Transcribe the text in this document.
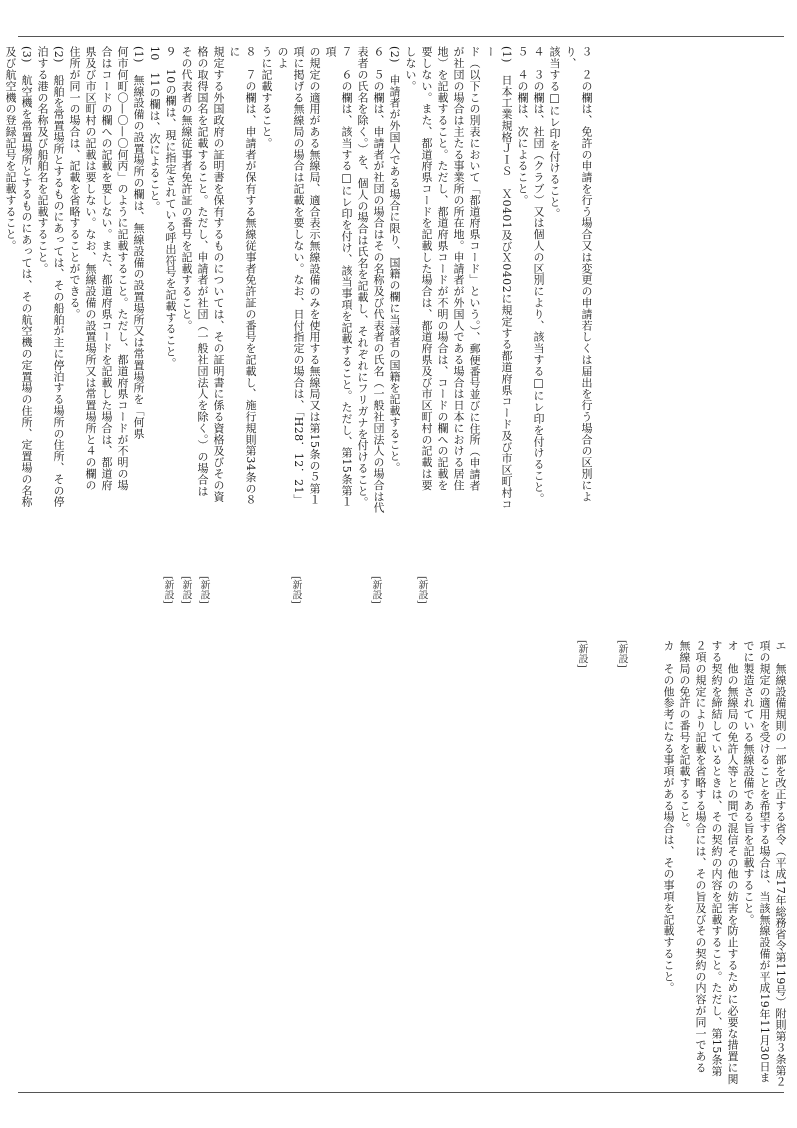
３　２の欄は、免許の申請を行う場合又は変更の申請若しくは届出を行う場合の区別により、
該当する□にレ印を付けること。
４　３の欄は、社団（クラブ）又は個人の区別により、該当する□にレ印を付けること。
５　４の欄は、次によること。
(1)　日本工業規格ＪＩＳ　Ｘ0401及びＸ0402に規定する都道府県コード及び市区町村コー
ド（以下この別表において「都道府県コード」という。）、郵便番号並びに住所（申請者
が社団の場合は主たる事業所の所在地。申請者が外国人である場合は日本における居住
地）を記載すること。ただし、都道府県コードが不明の場合は、コードの欄への記載を
要しない。また、都道府県コードを記載した場合は、都道府県及び市区町村の記載は要
しない。
(2)　申請者が外国人である場合に限り、国籍の欄に当該者の国籍を記載すること。
６　５の欄は、申請者が社団の場合はその名称及び代表者の氏名（一般社団法人の場合は代
表者の氏名を除く。）を、個人の場合は氏名を記載し、それぞれにフリガナを付けること。
７　６の欄は、該当する□にレ印を付け、該当事項を記載すること。ただし、第15条第１項
の規定の適用がある無線局、適合表示無線設備のみを使用する無線局又は第15条の５第１
項に掲げる無線局の場合は記載を要しない。なお、日付指定の場合は、「H28．12．21」のよ
うに記載すること。
８　７の欄は、申請者が保有する無線従事者免許証の番号を記載し、施行規則第34条の８に
規定する外国政府の証明書を保有するものについては、その証明書に係る資格及びその資
格の取得国名を記載すること。ただし、申請者が社団（一般社団法人を除く。）の場合は
その代表者の無線従事者免許証の番号を記載すること。
９　10の欄は、現に指定されている呼出符号を記載すること。
10　11の欄は、次によること。
(1)　無線設備の設置場所の欄は、無線設備の設置場所又は常置場所を「何県
何市何町〇—〇—〇何丙」のように記載すること。ただし、都道府県コードが不明の場
合はコードの欄への記載を要しない。また、都道府県コードを記載した場合は、都道府
県及び市区町村の記載は要しない。なお、無線設備の設置場所又は常置場所と４の欄の
住所が同一の場合は、記載を省略することができる。
(2)　船舶を常置場所とするものにあっては、その船舶が主に停泊する場所の住所、その停
泊する港の名称及び船舶名を記載すること。
(3)　航空機を常置場所とするものにあっては、その航空機の定置場の住所、定置場の名称
及び航空機の登録記号を記載すること。
[新設]
[新設]
[新設]
[新設]
[新設]
[新設]
[新設]
[新設]
エ　無線設備規則の一部を改正する省令（平成17年総務省令第119号）附則第３条第２
項の規定の適用を受けることを希望する場合は、当該無線設備が平成19年11月30日ま
でに製造されている無線設備である旨を記載すること。
オ　他の無線局の免許人等との間で混信その他の妨害を防止するために必要な措置に関
する契約を締結しているときは、その契約の内容を記載すること。ただし、第15条第
２項の規定により記載を省略する場合には、その旨及びその契約の内容が同一である
無線局の免許の番号を記載すること。
カ　その他参考になる事項がある場合は、その事項を記載すること。
